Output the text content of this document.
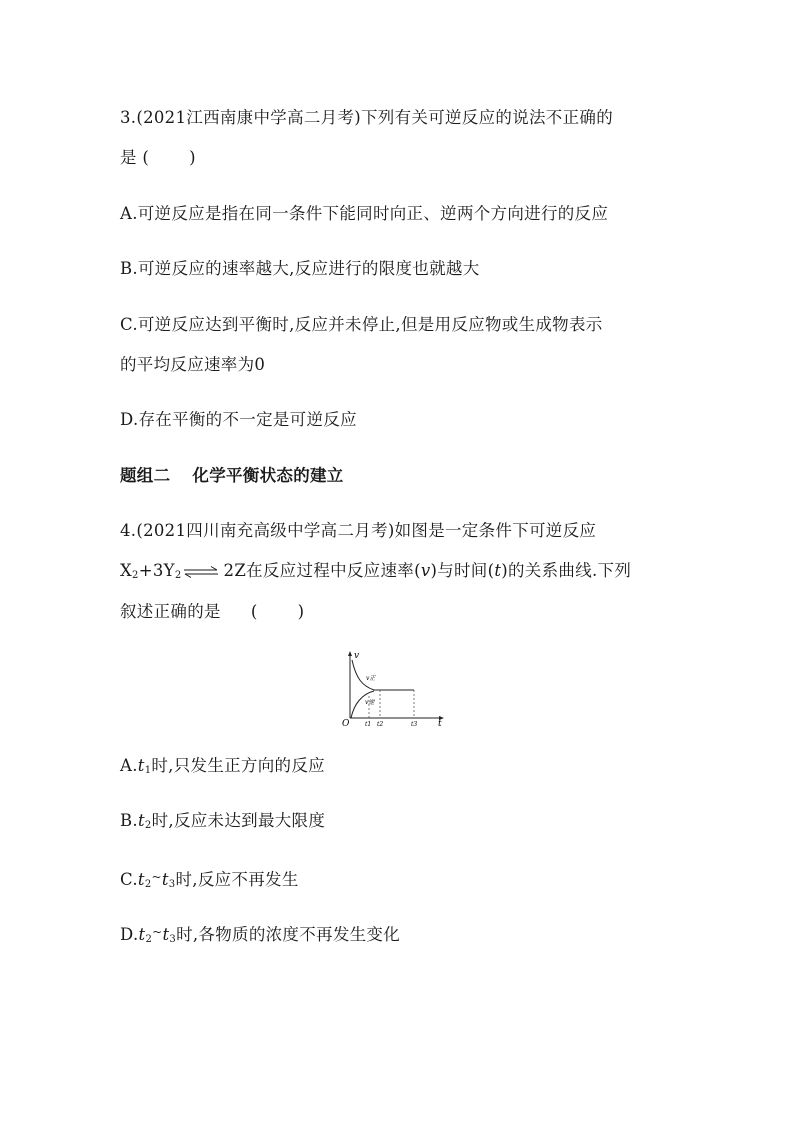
3.(2021江西南康中学高二月考)下列有关可逆反应的说法不正确的
是 ( )
A.可逆反应是指在同一条件下能同时向正、逆两个方向进行的反应
B.可逆反应的速率越大,反应进行的限度也就越大
C.可逆反应达到平衡时,反应并未停止,但是用反应物或生成物表示
的平均反应速率为0
D.存在平衡的不一定是可逆反应
题组二 化学平衡状态的建立
4.(2021四川南充高级中学高二月考)如图是一定条件下可逆反应
$X_2+3Y_2$ ⇌ 2Z在反应过程中反应速率(v)与时间(t)的关系曲线.下列
叙述正确的是 ( )
v
t
O
v正
v逆
t1 t2	t3
$A.t_1$时,只发生正方向的反应
$B.t_2$时,反应未达到最大限度
$C.t_2^\sim t_3$时,反应不再发生
$D.t_2^\sim t_3$时,各物质的浓度不再发生变化
